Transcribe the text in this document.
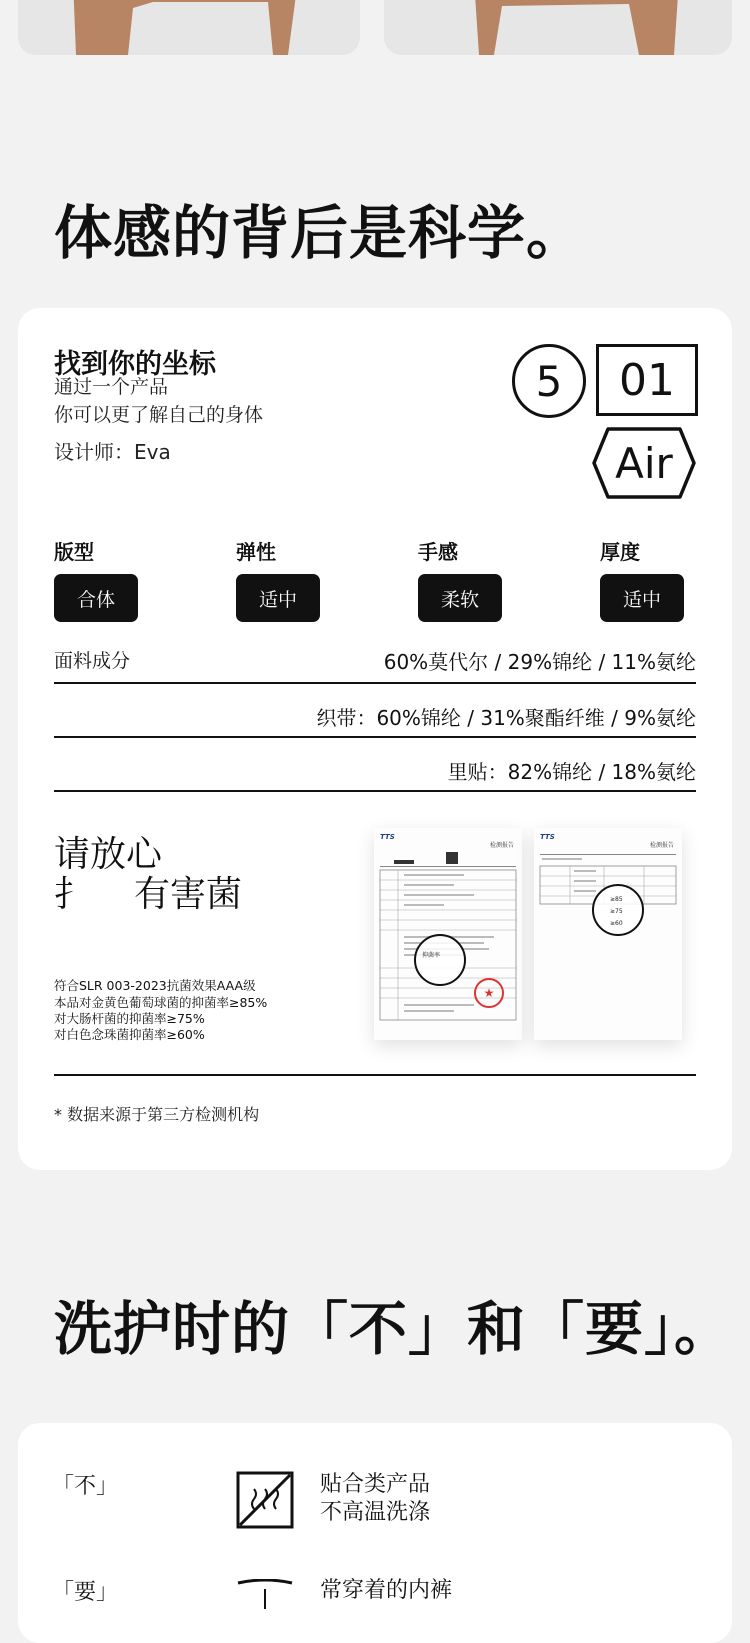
体感的背后是科学。
找到你的坐标
通过一个产品
你可以更了解自己的身体
设计师：Eva
5	01
Air
版型	弹性	手感	厚度
合体	适中	柔软	适中
面料成分	60%莫代尔 / 29%锦纶 / 11%氨纶
织带：60%锦纶 / 31%聚酯纤维 / 9%氨纶
里贴：82%锦纶 / 18%氨纶
请放心
扌 有害菌
符合SLR 003-2023抗菌效果AAA级
本品对金黄色葡萄球菌的抑菌率≥85%
对大肠杆菌的抑菌率≥75%
对白色念珠菌抑菌率≥60%
TTS
检测报告
抑菌率
★
TTS
检测报告
≥85
≥75
≥60
* 数据来源于第三方检测机构
洗护时的「不」和「要」。
「不」	贴合类产品
不高温洗涤
「要」	常穿着的内裤
